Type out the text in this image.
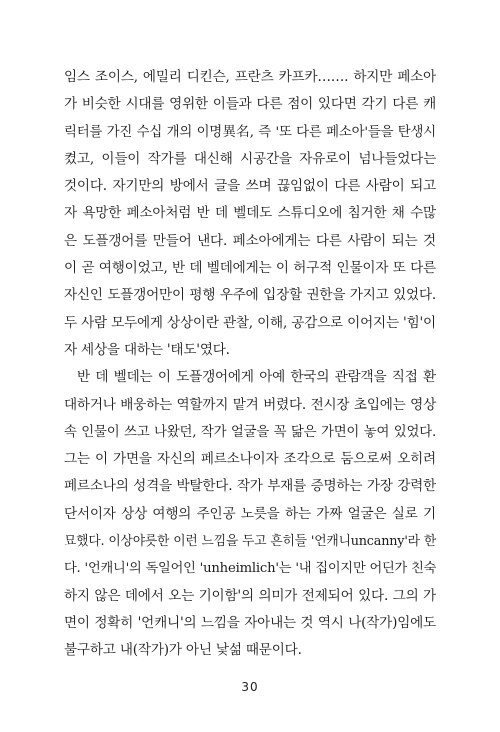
임스 조이스, 에밀리 디킨슨, 프란츠 카프카……. 하지만 페소아
가 비슷한 시대를 영위한 이들과 다른 점이 있다면 각기 다른 캐
릭터를 가진 수십 개의 이명異名, 즉 '또 다른 페소아'들을 탄생시
켰고, 이들이 작가를 대신해 시공간을 자유로이 넘나들었다는
것이다. 자기만의 방에서 글을 쓰며 끊임없이 다른 사람이 되고
자 욕망한 페소아처럼 반 데 벨데도 스튜디오에 침거한 채 수많
은 도플갱어를 만들어 낸다. 페소아에게는 다른 사람이 되는 것
이 곧 여행이었고, 반 데 벨데에게는 이 허구적 인물이자 또 다른
자신인 도플갱어만이 평행 우주에 입장할 권한을 가지고 있었다.
두 사람 모두에게 상상이란 관찰, 이해, 공감으로 이어지는 '힘'이
자 세상을 대하는 '태도'였다.
반 데 벨데는 이 도플갱어에게 아예 한국의 관람객을 직접 환
대하거나 배웅하는 역할까지 맡겨 버렸다. 전시장 초입에는 영상
속 인물이 쓰고 나왔던, 작가 얼굴을 꼭 닮은 가면이 놓여 있었다.
그는 이 가면을 자신의 페르소나이자 조각으로 둠으로써 오히려
페르소나의 성격을 박탈한다. 작가 부재를 증명하는 가장 강력한
단서이자 상상 여행의 주인공 노릇을 하는 가짜 얼굴은 실로 기
묘했다. 이상야릇한 이런 느낌을 두고 흔히들 '언캐니uncanny'라 한
다. '언캐니'의 독일어인 'unheimlich'는 '내 집이지만 어딘가 친숙
하지 않은 데에서 오는 기이함'의 의미가 전제되어 있다. 그의 가
면이 정확히 '언캐니'의 느낌을 자아내는 것 역시 나(작가)임에도
불구하고 내(작가)가 아닌 낯섦 때문이다.
30
